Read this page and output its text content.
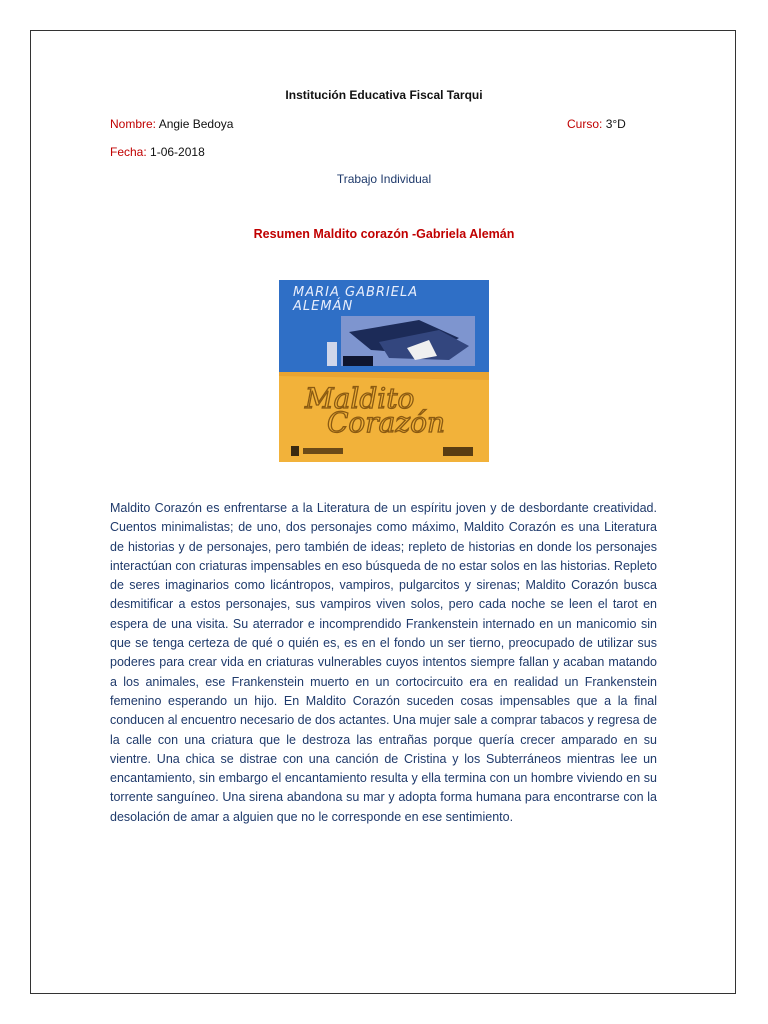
Institución Educativa Fiscal Tarqui
Nombre: Angie Bedoya	Curso: 3°D
Fecha: 1-06-2018
Trabajo Individual
Resumen Maldito corazón -Gabriela Alemán
MARIA GABRIELA
ALEMÁN
Maldito
Corazón

Maldito Corazón es enfrentarse a la Literatura de un espíritu joven y de desbordante creatividad. Cuentos minimalistas; de uno, dos personajes como máximo, Maldito Corazón es una Literatura de historias y de personajes, pero también de ideas; repleto de historias en donde los personajes interactúan con criaturas impensables en eso búsqueda de no estar solos en las historias. Repleto de seres imaginarios como licántropos, vampiros, pulgarcitos y sirenas; Maldito Corazón busca desmitificar a estos personajes, sus vampiros viven solos, pero cada noche se leen el tarot en espera de una visita. Su aterrador e incomprendido Frankenstein internado en un manicomio sin que se tenga certeza de qué o quién es, es en el fondo un ser tierno, preocupado de utilizar sus poderes para crear vida en criaturas vulnerables cuyos intentos siempre fallan y acaban matando a los animales, ese Frankenstein muerto en un cortocircuito era en realidad un Frankenstein femenino esperando un hijo. En Maldito Corazón suceden cosas impensables que a la final conducen al encuentro necesario de dos actantes. Una mujer sale a comprar tabacos y regresa de la calle con una criatura que le destroza las entrañas porque quería crecer amparado en su vientre. Una chica se distrae con una canción de Cristina y los Subterráneos mientras lee un encantamiento, sin embargo el encantamiento resulta y ella termina con un hombre viviendo en su torrente sanguíneo. Una sirena abandona su mar y adopta forma humana para encontrarse con la desolación de amar a alguien que no le corresponde en ese sentimiento.
